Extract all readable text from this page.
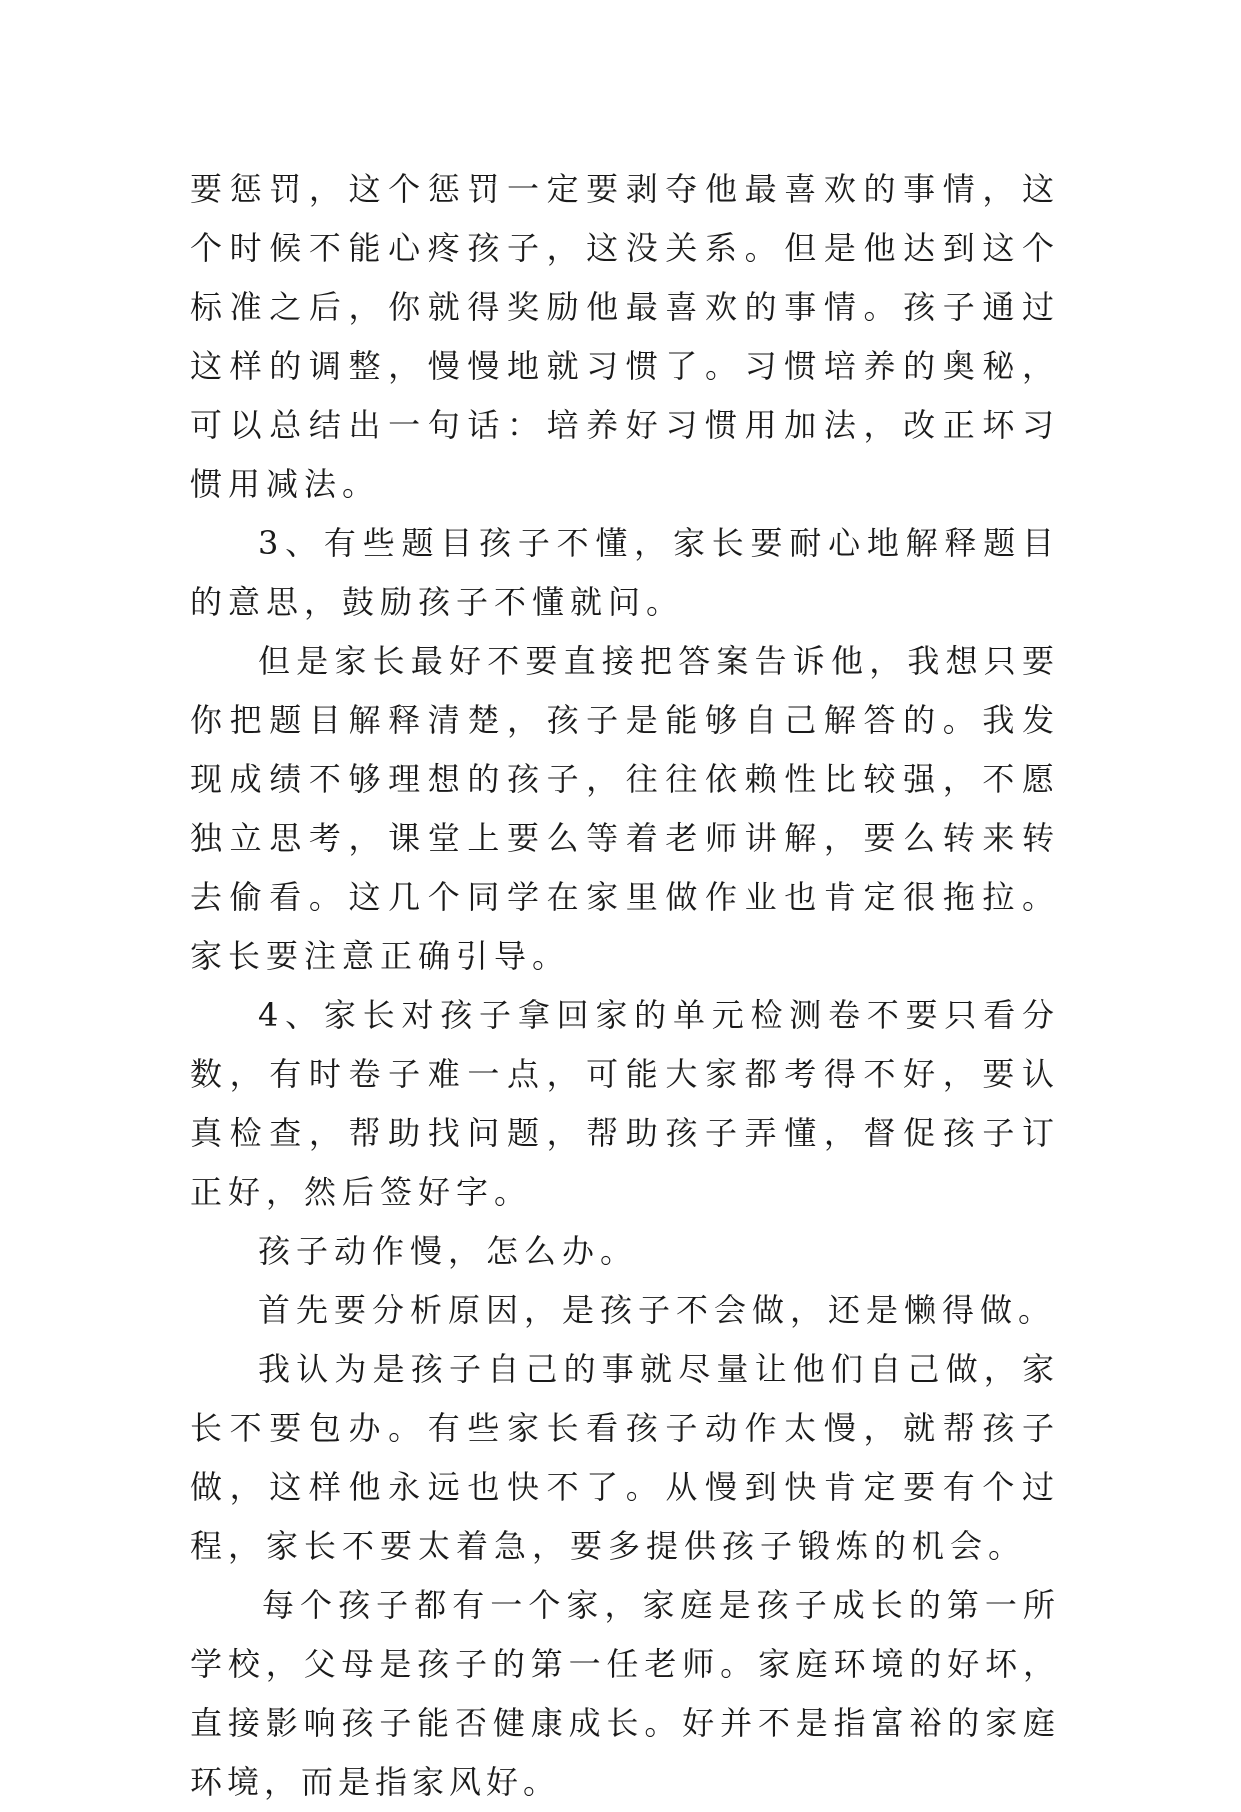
要惩罚，这个惩罚一定要剥夺他最喜欢的事情，这个时候不能心疼孩子，这没关系。但是他达到这个标准之后，你就得奖励他最喜欢的事情。孩子通过这样的调整，慢慢地就习惯了。习惯培养的奥秘，可以总结出一句话：培养好习惯用加法，改正坏习惯用减法。

3、有些题目孩子不懂，家长要耐心地解释题目的意思，鼓励孩子不懂就问。

但是家长最好不要直接把答案告诉他，我想只要你把题目解释清楚，孩子是能够自己解答的。我发现成绩不够理想的孩子，往往依赖性比较强，不愿独立思考，课堂上要么等着老师讲解，要么转来转去偷看。这几个同学在家里做作业也肯定很拖拉。家长要注意正确引导。

4、家长对孩子拿回家的单元检测卷不要只看分数，有时卷子难一点，可能大家都考得不好，要认真检查，帮助找问题，帮助孩子弄懂，督促孩子订正好，然后签好字。

孩子动作慢，怎么办。

首先要分析原因，是孩子不会做，还是懒得做。

我认为是孩子自己的事就尽量让他们自己做，家长不要包办。有些家长看孩子动作太慢，就帮孩子做，这样他永远也快不了。从慢到快肯定要有个过程，家长不要太着急，要多提供孩子锻炼的机会。

每个孩子都有一个家，家庭是孩子成长的第一所学校，父母是孩子的第一任老师。家庭环境的好坏，直接影响孩子能否健康成长。好并不是指富裕的家庭环境，而是指家风好。
